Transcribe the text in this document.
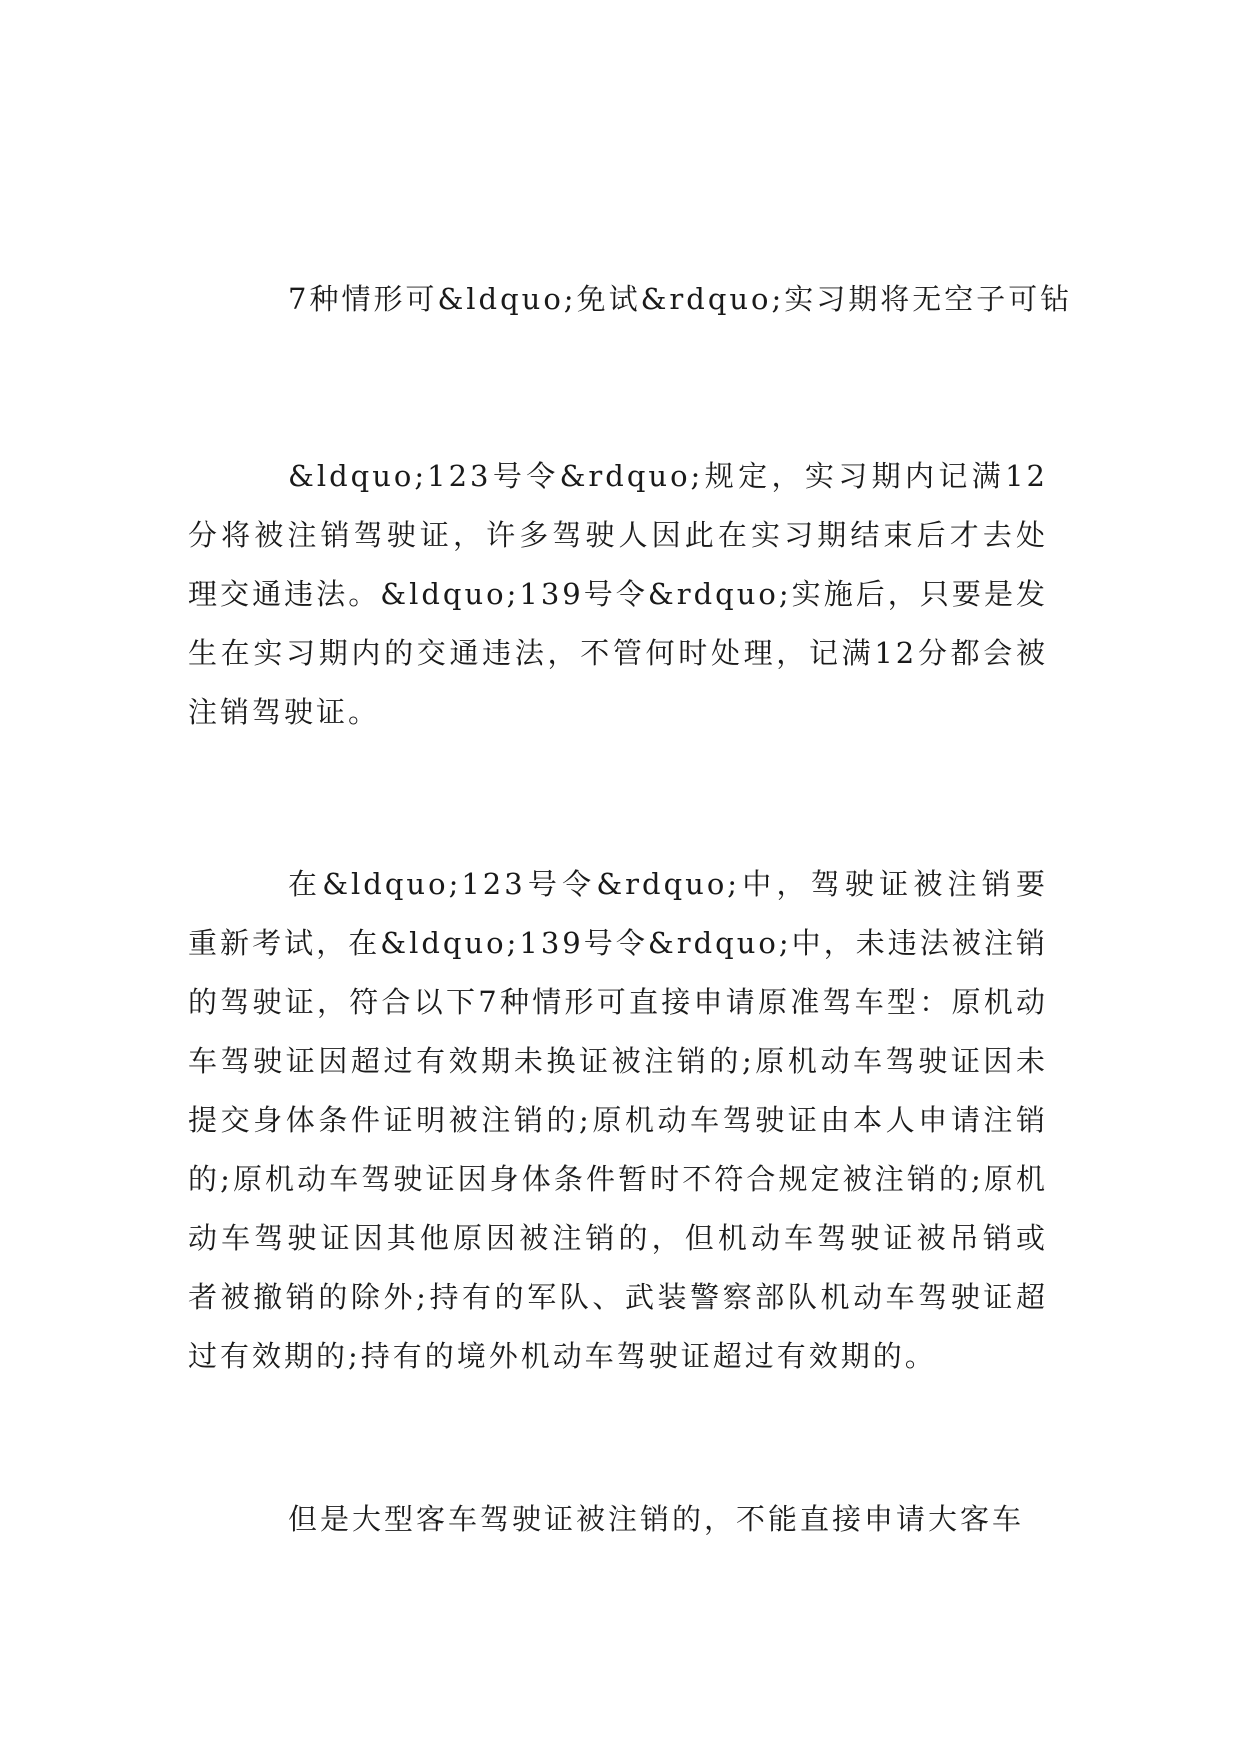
7种情形可&ldquo;免试&rdquo;实习期将无空子可钻

&ldquo;123号令&rdquo;规定，实习期内记满12分将被注销驾驶证，许多驾驶人因此在实习期结束后才去处理交通违法。&ldquo;139号令&rdquo;实施后，只要是发生在实习期内的交通违法，不管何时处理，记满12分都会被注销驾驶证。

在&ldquo;123号令&rdquo;中，驾驶证被注销要重新考试，在&ldquo;139号令&rdquo;中，未违法被注销的驾驶证，符合以下7种情形可直接申请原准驾车型：原机动车驾驶证因超过有效期未换证被注销的;原机动车驾驶证因未提交身体条件证明被注销的;原机动车驾驶证由本人申请注销的;原机动车驾驶证因身体条件暂时不符合规定被注销的;原机动车驾驶证因其他原因被注销的，但机动车驾驶证被吊销或者被撤销的除外;持有的军队、武装警察部队机动车驾驶证超过有效期的;持有的境外机动车驾驶证超过有效期的。

但是大型客车驾驶证被注销的，不能直接申请大客车
